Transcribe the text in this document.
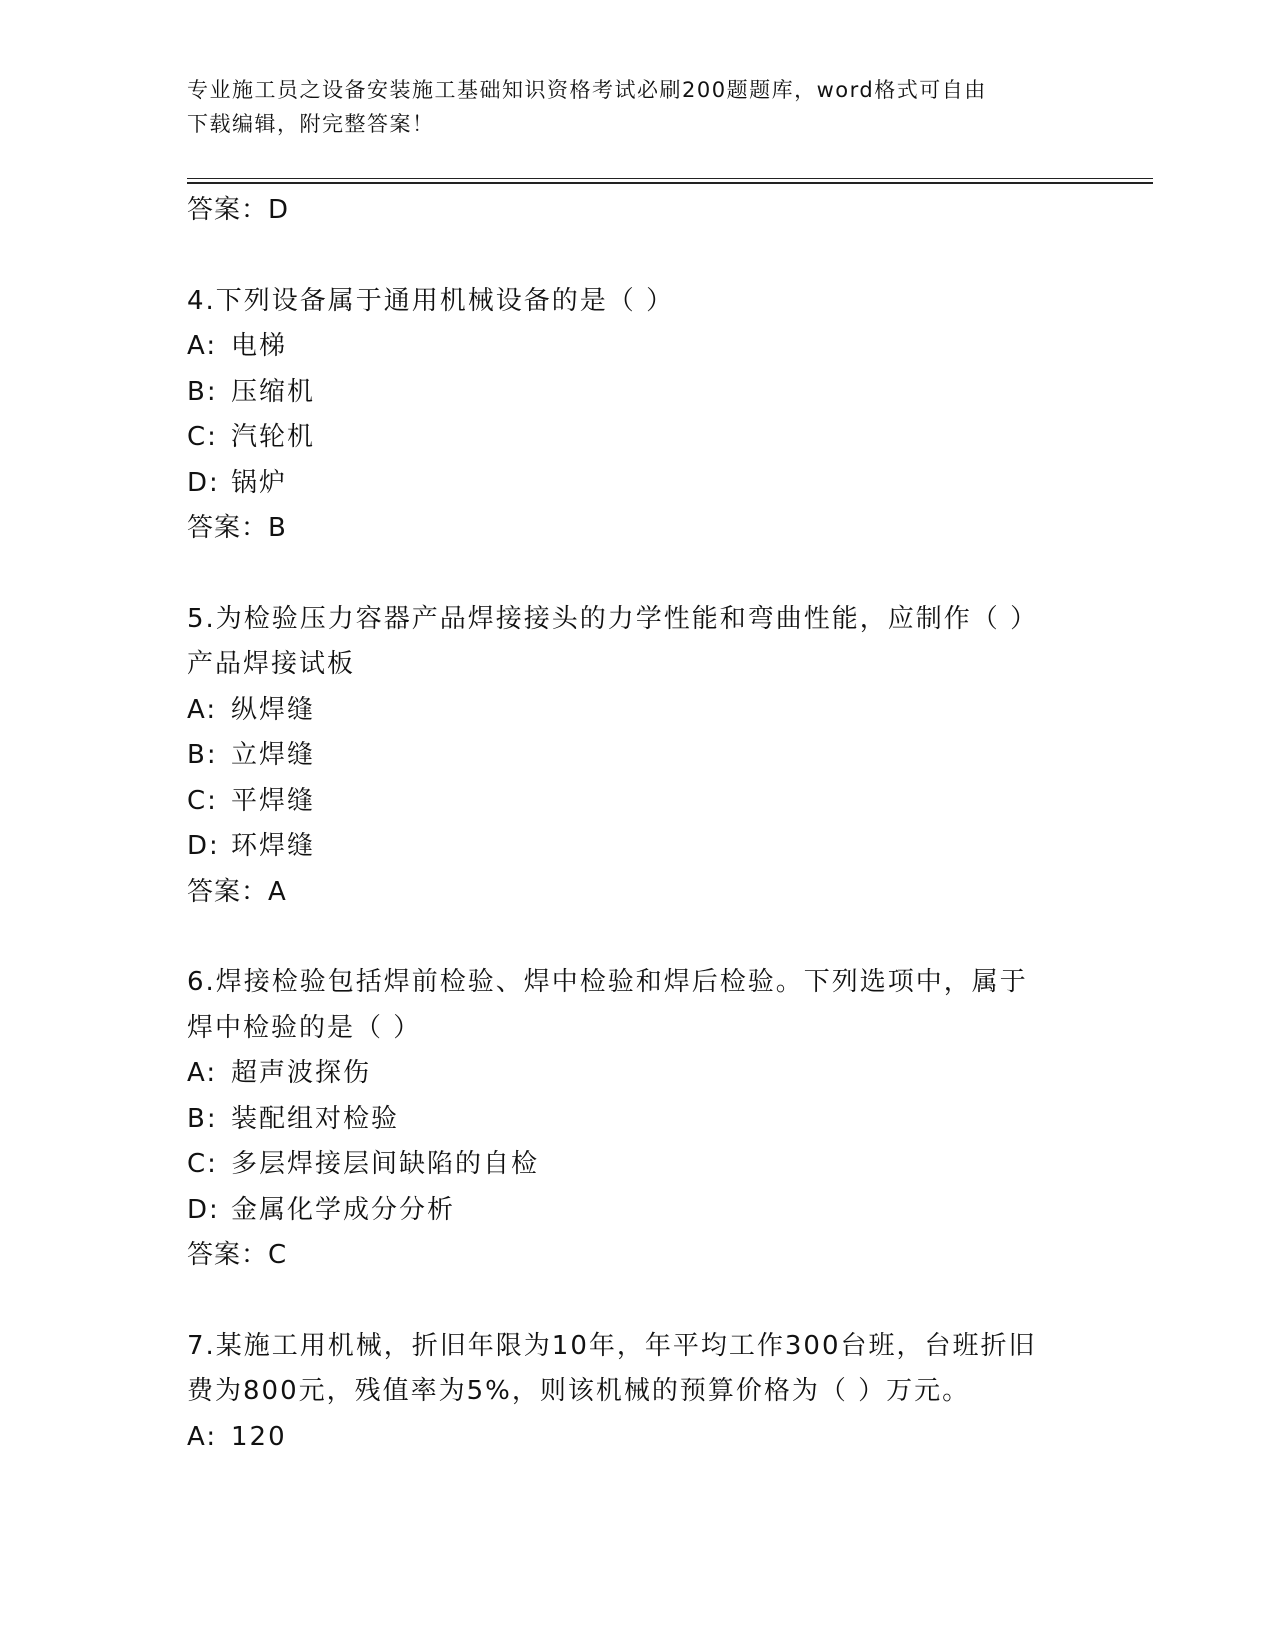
专业施工员之设备安装施工基础知识资格考试必刷200题题库，word格式可自由
下载编辑，附完整答案！
答案：D
4.下列设备属于通用机械设备的是（ ）
A: 电梯
B: 压缩机
C: 汽轮机
D: 锅炉
答案：B
5.为检验压力容器产品焊接接头的力学性能和弯曲性能，应制作（ ）
产品焊接试板
A: 纵焊缝
B: 立焊缝
C: 平焊缝
D: 环焊缝
答案：A
6.焊接检验包括焊前检验、焊中检验和焊后检验。下列选项中，属于
焊中检验的是（ ）
A: 超声波探伤
B: 装配组对检验
C: 多层焊接层间缺陷的自检
D: 金属化学成分分析
答案：C
7.某施工用机械，折旧年限为10年，年平均工作300台班，台班折旧
费为800元，残值率为5%，则该机械的预算价格为（ ）万元。
A: 120
